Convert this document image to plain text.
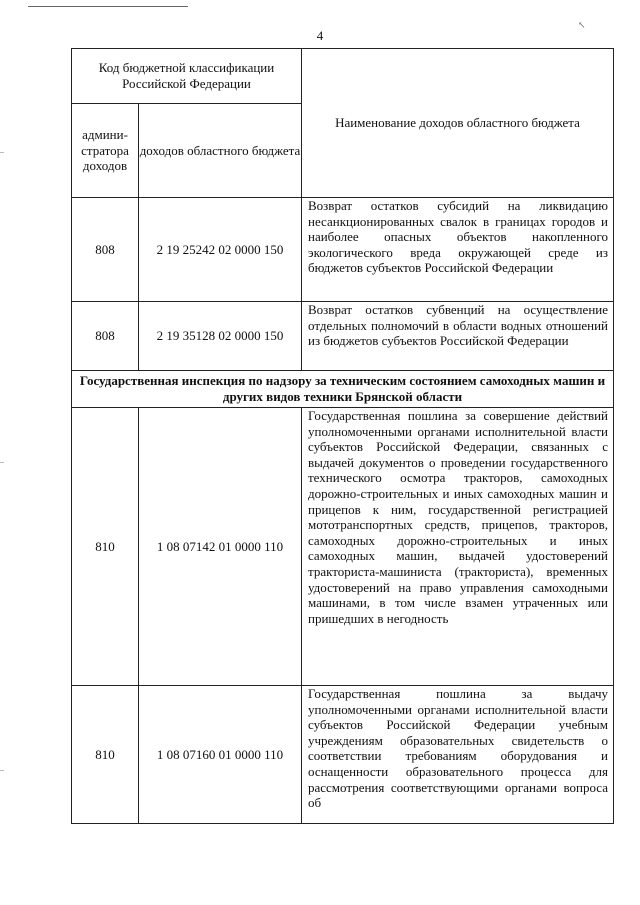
↖
4
Код бюджетной классификации Российской Федерации		Наименование доходов областного бюджета
админи-стратора доходов	доходов областного бюджета	
808	2 19 25242 02 0000 150	Возврат остатков субсидий на ликвидацию несанкционированных свалок в границах городов и наиболее опасных объектов накопленного экологического вреда окружающей среде из бюджетов субъектов Российской Федерации
808	2 19 35128 02 0000 150	Возврат остатков субвенций на осуществление отдельных полномочий в области водных отношений из бюджетов субъектов Российской Федерации
Государственная инспекция по надзору за техническим состоянием самоходных машин и других видов техники Брянской области		
810	1 08 07142 01 0000 110	Государственная пошлина за совершение действий уполномоченными органами исполнительной власти субъектов Российской Федерации, связанных с выдачей документов о проведении государственного технического осмотра тракторов, самоходных дорожно-строительных и иных самоходных машин и прицепов к ним, государственной регистрацией мототранспортных средств, прицепов, тракторов, самоходных дорожно-строительных и иных самоходных машин, выдачей удостоверений тракториста-машиниста (тракториста), временных удостоверений на право управления самоходными машинами, в том числе взамен утраченных или пришедших в негодность
810	1 08 07160 01 0000 110	Государственная пошлина за выдачу уполномоченными органами исполнительной власти субъектов Российской Федерации учебным учреждениям образовательных свидетельств о соответствии требованиям оборудования и оснащенности образовательного процесса для рассмотрения соответствующими органами вопроса об
